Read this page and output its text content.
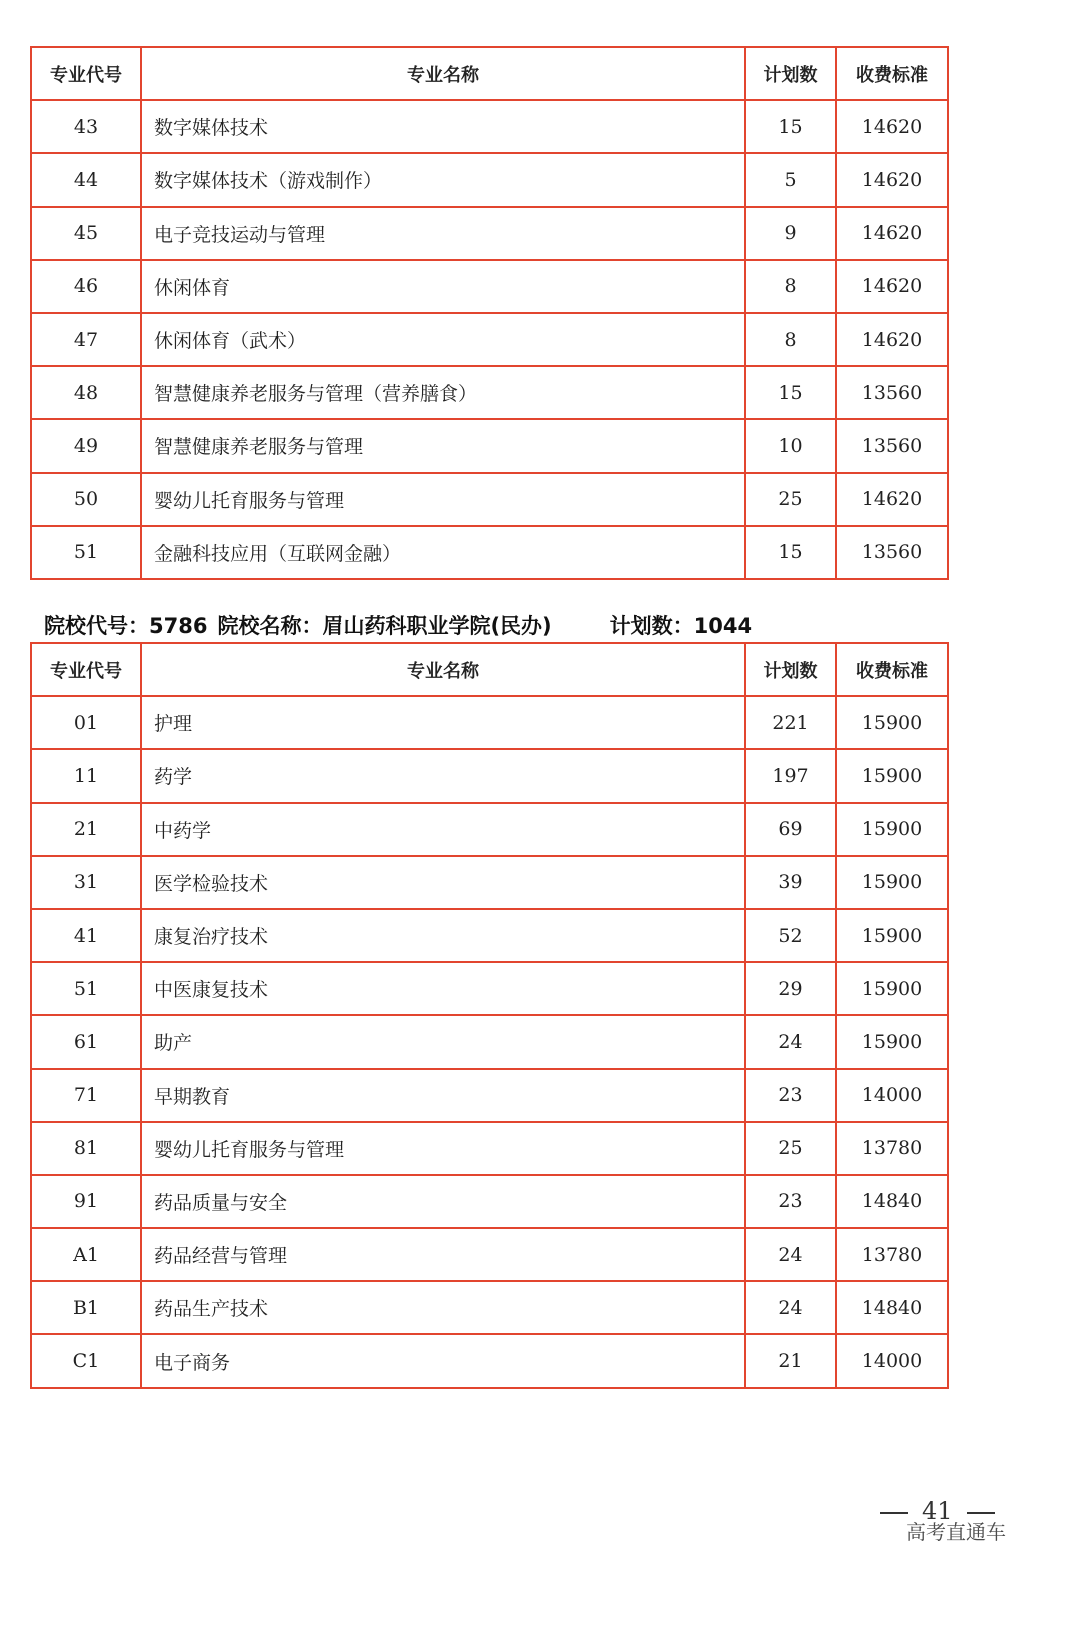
专业代号	专业名称	计划数	收费标准
43	数字媒体技术	15	14620
44	数字媒体技术（游戏制作）	5	14620
45	电子竞技运动与管理	9	14620
46	休闲体育	8	14620
47	休闲体育（武术）	8	14620
48	智慧健康养老服务与管理（营养膳食）	15	13560
49	智慧健康养老服务与管理	10	13560
50	婴幼儿托育服务与管理	25	14620
51	金融科技应用（互联网金融）	15	13560
院校代号：5786 院校名称：眉山药科职业学院(民办)	计划数：1044
专业代号	专业名称	计划数	收费标准
01	护理	221	15900
11	药学	197	15900
21	中药学	69	15900
31	医学检验技术	39	15900
41	康复治疗技术	52	15900
51	中医康复技术	29	15900
61	助产	24	15900
71	早期教育	23	14000
81	婴幼儿托育服务与管理	25	13780
91	药品质量与安全	23	14840
A1	药品经营与管理	24	13780
B1	药品生产技术	24	14840
C1	电子商务	21	14000
41
高考直通车
